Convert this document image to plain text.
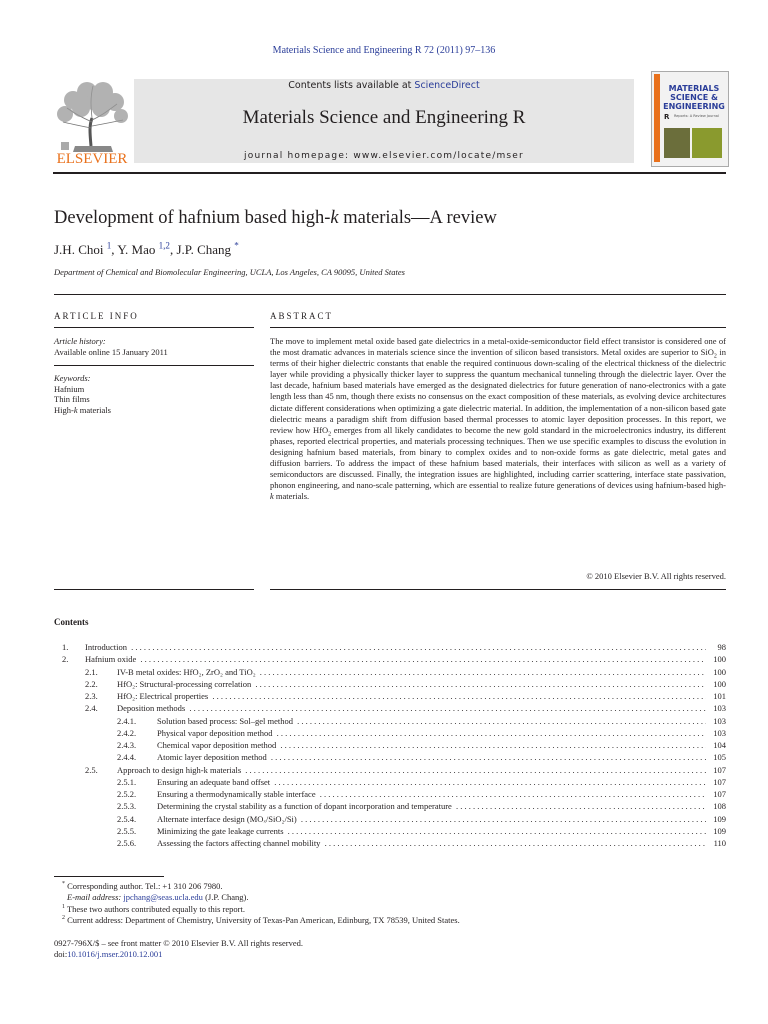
Materials Science and Engineering R 72 (2011) 97–136
ELSEVIER
Contents lists available at ScienceDirect
Materials Science and Engineering R
journal homepage: www.elsevier.com/locate/mser
MATERIALS
SCIENCE &
ENGINEERING
R Reports: A Review Journal
Development of hafnium based high-k materials—A review
J.H. Choi $^1$, Y. Mao $^{1,2}$, J.P. Chang *
Department of Chemical and Biomolecular Engineering, UCLA, Los Angeles, CA 90095, United States
ARTICLE INFO
Article history:
Available online 15 January 2011
Keywords:
Hafnium
Thin films
High-k materials
ABSTRACT
The move to implement metal oxide based gate dielectrics in a metal-oxide-semiconductor field effect transistor is considered one of the most dramatic advances in materials science since the invention of silicon based transistors. Metal oxides are superior to SiO$_2$ in terms of their higher dielectric constants that enable the required continuous down-scaling of the electrical thickness of the dielectric layer while providing a physically thicker layer to suppress the quantum mechanical tunneling through the dielectric layer. Over the last decade, hafnium based materials have emerged as the designated dielectrics for future generation of nano-electronics with a gate length less than 45 nm, though there exists no consensus on the exact composition of these materials, as evolving device architectures dictate different considerations when optimizing a gate dielectric material. In addition, the implementation of a non-silicon based gate dielectric means a paradigm shift from diffusion based thermal processes to atomic layer deposition processes. In this report, we review how HfO$_2$ emerges from all likely candidates to become the new gold standard in the microelectronics industry, its different phases, reported electrical properties, and materials processing techniques. Then we use specific examples to discuss the evolution in designing hafnium based materials, from binary to complex oxides and to non-oxide forms as gate dielectric, metal gates and diffusion barriers. To address the impact of these hafnium based materials, their interfaces with silicon as well as a variety of semiconductors are discussed. Finally, the integration issues are highlighted, including carrier scattering, interface state passivation, phonon engineering, and nano-scale patterning, which are essential to realize future generations of devices using hafnium-based high-k materials.
© 2010 Elsevier B.V. All rights reserved.
Contents
1. Introduction . . .	98
2. Hafnium oxide . . .	100
2.1. IV-B metal oxides: HfO₂, ZrO₂ and TiO₂ . . .	100
2.2. HfO₂: Structural-processing correlation . . .	100
2.3. HfO₂: Electrical properties . . .	101
2.4. Deposition methods . . .	103
2.4.1. Solution based process: Sol–gel method . . .	103
2.4.2. Physical vapor deposition method . . .	103
2.4.3. Chemical vapor deposition method . . .	104
2.4.4. Atomic layer deposition method . . .	105
2.5. Approach to design high-k materials . . .	107
2.5.1. Ensuring an adequate band offset . . .	107
2.5.2. Ensuring a thermodynamically stable interface . . .	107
2.5.3. Determining the crystal stability as a function of dopant incorporation and temperature . . .	108
2.5.4. Alternate interface design (MOₓ/SiO₂/Si) . . .	109
2.5.5. Minimizing the gate leakage currents . . .	109
2.5.6. Assessing the factors affecting channel mobility . . .	110
* Corresponding author. Tel.: +1 310 206 7980.
E-mail address: jpchang@seas.ucla.edu (J.P. Chang).
$^1$ These two authors contributed equally to this report.
$^2$ Current address: Department of Chemistry, University of Texas-Pan American, Edinburg, TX 78539, United States.
0927-796X/$ – see front matter © 2010 Elsevier B.V. All rights reserved.
doi:10.1016/j.mser.2010.12.001
